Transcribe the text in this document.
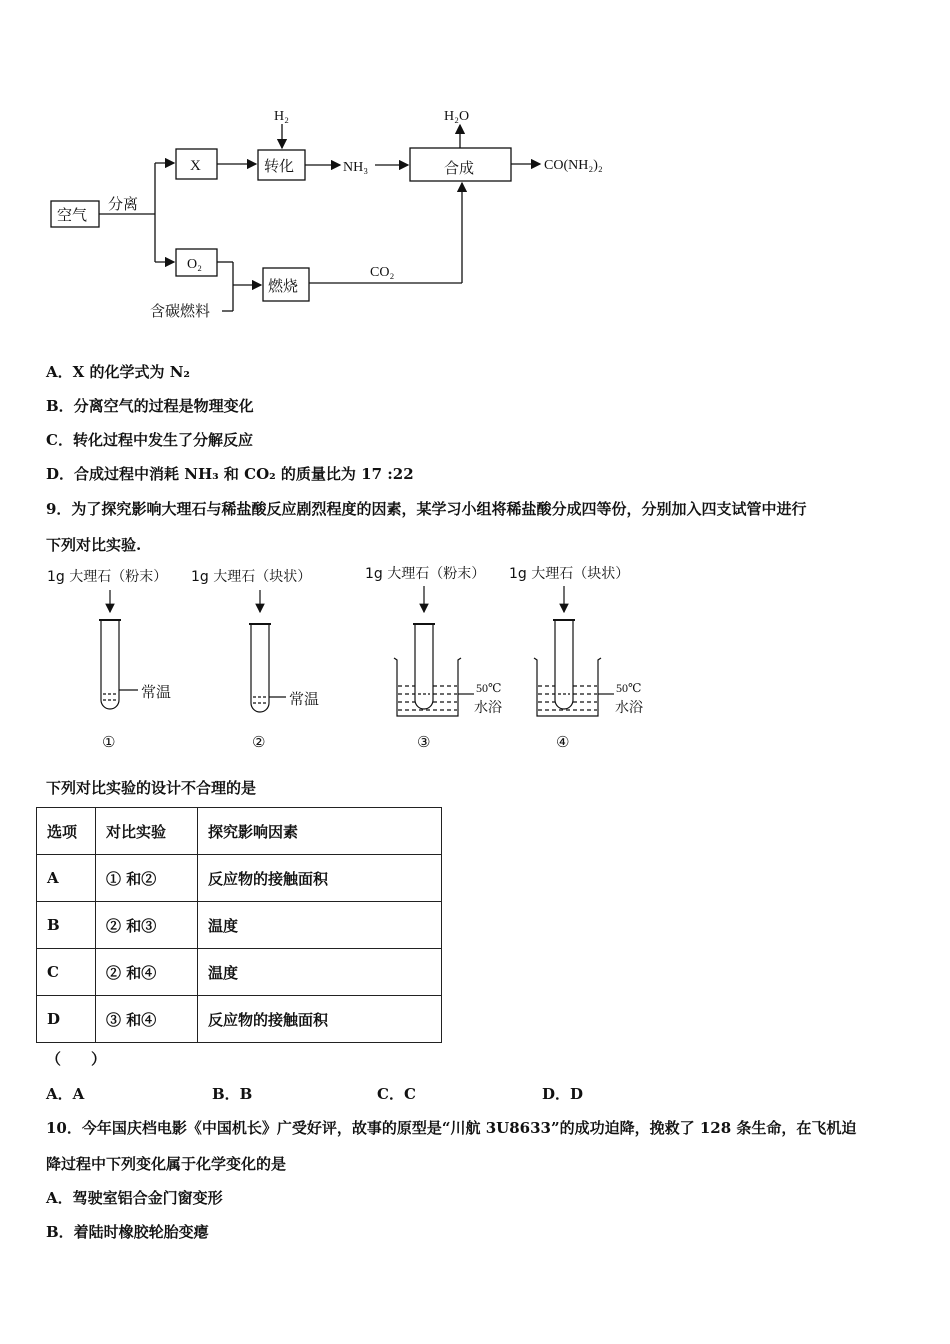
空气
分离
X
H₂
转化	NH₃
H₂O
合成	CO(NH₂)₂
O₂
燃烧
CO₂
含碳燃料
A．X 的化学式为 N₂
B．分离空气的过程是物理变化
C．转化过程中发生了分解反应
D．合成过程中消耗 NH₃ 和 CO₂ 的质量比为 17 :22
9．为了探究影响大理石与稀盐酸反应剧烈程度的因素，某学习小组将稀盐酸分成四等份，分别加入四支试管中进行
下列对比实验.
1g 大理石（粉末） 1g 大理石（块状）	1g 大理石（粉末） 1g 大理石（块状）
常温	常温
50℃
水浴
50℃
水浴
①	②	③	④
下列对比实验的设计不合理的是
选项	对比实验	探究影响因素
A	① 和②	反应物的接触面积
B	② 和③	温度
C	② 和④	温度
D	③ 和④	反应物的接触面积
（　　）
A．A	B．B	C．C	D．D
10．今年国庆档电影《中国机长》广受好评，故事的原型是“川航 3U8633”的成功迫降，挽救了 128 条生命，在飞机迫
降过程中下列变化属于化学变化的是
A．驾驶室铝合金门窗变形
B．着陆时橡胶轮胎变瘪
